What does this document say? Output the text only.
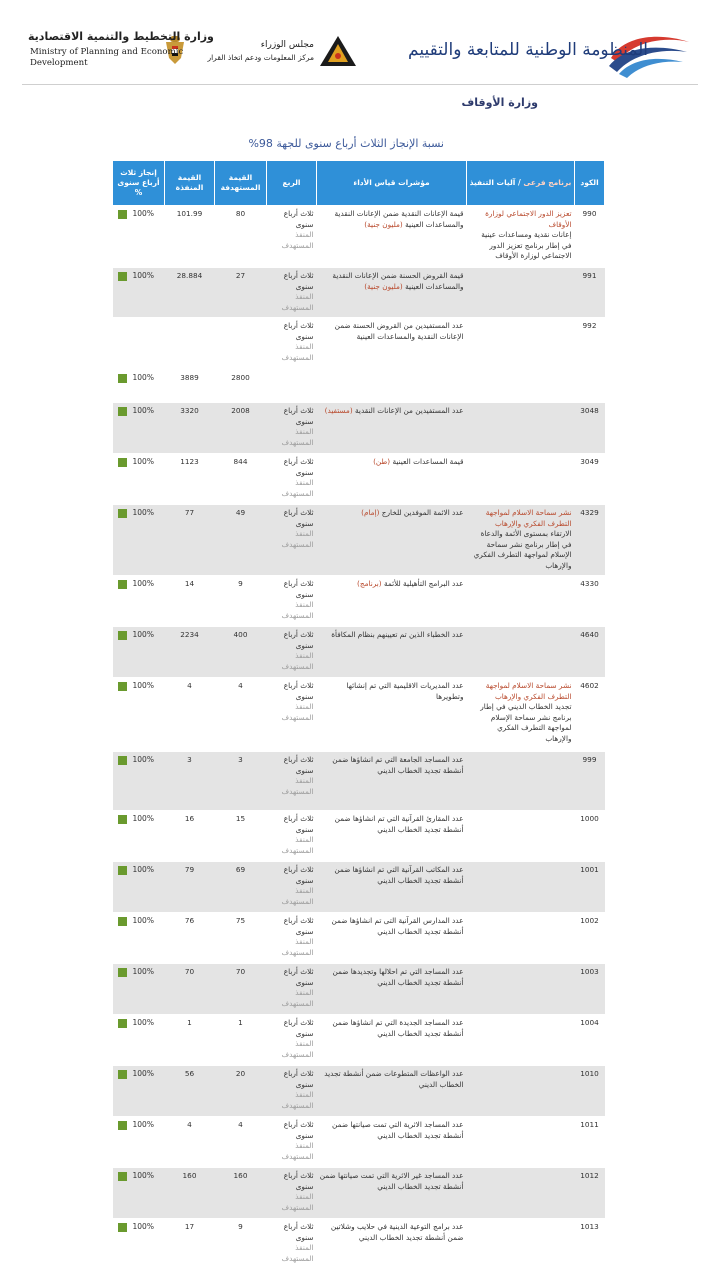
المنظومة الوطنية للمتابعة والتقييم
مجلس الوزراء
مركز المعلومات ودعم اتخاذ القرار
وزارة التخطيط والتنمية الاقتصادية
Ministry of Planning and Economic
Development
وزارة الأوقاف
نسبة الإنجاز الثلاث أرباع سنوى للجهة 98%
الكود	برنامج فرعى / آليات التنفيذ	مؤشرات قياس الأداء	الربع	القيمة المستهدفة	القيمة المنفذة	إنجاز ثلاث أرباع سنوى %
990	تعزيز الدور الاجتماعي لوزارة الأوقاف
إعانات نقدية ومساعدات عينية في إطار برنامج تعزيز الدور الاجتماعي لوزارة الأوقاف	قيمة الإعانات النقدية ضمن الإعانات النقدية والمساعدات العينية (مليون جنية)	ثلاث أرباع سنوى
المنفذ
المستهدف	80	101.99	100%
991		قيمة القروض الحسنة ضمن الإعانات النقدية والمساعدات العينية (مليون جنية)	ثلاث أرباع سنوى
المنفذ
المستهدف	27	28.884	100%
992		عدد المستفيدين من القروض الحسنة ضمن الإعانات النقدية والمساعدات العينية	ثلاث أرباع سنوى
المنفذ
المستهدف	2800	3889	100%
3048		عدد المستفيدين من الإعانات النقدية (مستفيد)	ثلاث أرباع سنوى
المنفذ
المستهدف	2008	3320	100%
3049		قيمة المساعدات العينية (طن)	ثلاث أرباع سنوى
المنفذ
المستهدف	844	1123	100%
4329	نشر سماحة الاسلام لمواجهة التطرف الفكري والإرهاب
الارتقاء بمستوى الأئمة والدعاة في إطار برنامج نشر سماحة الإسلام لمواجهة التطرف الفكري والإرهاب	عدد الائمة الموفدين للخارج (إمام)	ثلاث أرباع سنوى
المنفذ
المستهدف	49	77	100%
4330		عدد البرامج التأهيلية للأئمة (برنامج)	ثلاث أرباع سنوى
المنفذ
المستهدف	9	14	100%
4640		عدد الخطباء الذين تم تعيينهم بنظام المكافأة	ثلاث أرباع سنوى
المنفذ
المستهدف	400	2234	100%
4602	نشر سماحة الاسلام لمواجهة التطرف الفكري والإرهاب
تجديد الخطاب الديني في إطار برنامج نشر سماحة الإسلام لمواجهة التطرف الفكري والإرهاب	عدد المديريات الاقليمية التي تم إنشائها وتطويرها	ثلاث أرباع سنوى
المنفذ
المستهدف	4	4	100%
999		عدد المساجد الجامعة التي تم انشاؤها ضمن أنشطة تجديد الخطاب الديني	ثلاث أرباع سنوى
المنفذ
المستهدف	3	3	100%
1000		عدد المقارئ القرآنية التي تم انشاؤها ضمن أنشطة تجديد الخطاب الديني	ثلاث أرباع سنوى
المنفذ
المستهدف	15	16	100%
1001		عدد المكاتب القرآنية التي تم انشاؤها ضمن أنشطة تجديد الخطاب الديني	ثلاث أرباع سنوى
المنفذ
المستهدف	69	79	100%
1002		عدد المدارس القرآنية التى تم انشاؤها ضمن أنشطة تجديد الخطاب الديني	ثلاث أرباع سنوى
المنفذ
المستهدف	75	76	100%
1003		عدد المساجد التي تم احلالها وتجديدها ضمن أنشطة تجديد الخطاب الديني	ثلاث أرباع سنوى
المنفذ
المستهدف	70	70	100%
1004		عدد المساجد الجديدة التي تم انشاؤها ضمن أنشطة تجديد الخطاب الديني	ثلاث أرباع سنوى
المنفذ
المستهدف	1	1	100%
1010		عدد الواعظات المتطوعات ضمن أنشطة تجديد الخطاب الديني	ثلاث أرباع سنوى
المنفذ
المستهدف	20	56	100%
1011		عدد المساجد الاثرية التي تمت صيانتها ضمن أنشطة تجديد الخطاب الديني	ثلاث أرباع سنوى
المنفذ
المستهدف	4	4	100%
1012		عدد المساجد غير الاثرية التي تمت صيانتها ضمن أنشطة تجديد الخطاب الديني	ثلاث أرباع سنوى
المنفذ
المستهدف	160	160	100%
1013		عدد برامج التوعية الدينية في حلايب وشلاتين ضمن أنشطة تجديد الخطاب الديني	ثلاث أرباع سنوى
المنفذ
المستهدف	9	17	100%
